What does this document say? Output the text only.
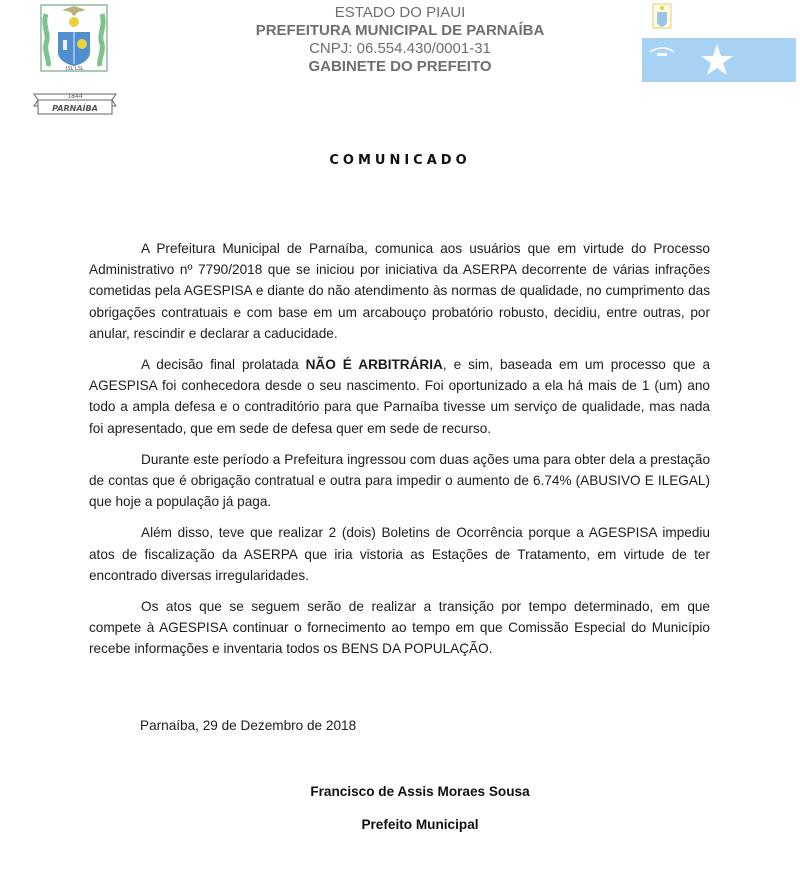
JSL LSL
1844
PARNAÍBA
ESTADO DO PIAUI
PREFEITURA MUNICIPAL DE PARNAÍBA
CNPJ: 06.554.430/0001-31
GABINETE DO PREFEITO
COMUNICADO

A Prefeitura Municipal de Parnaíba, comunica aos usuários que em virtude do Processo Administrativo nº 7790/2018 que se iniciou por iniciativa da ASERPA decorrente de várias infrações cometidas pela AGESPISA e diante do não atendimento às normas de qualidade, no cumprimento das obrigações contratuais e com base em um arcabouço probatório robusto, decidiu, entre outras, por anular, rescindir e declarar a caducidade.

A decisão final prolatada NÃO É ARBITRÁRIA, e sim, baseada em um processo que a AGESPISA foi conhecedora desde o seu nascimento. Foi oportunizado a ela há mais de 1 (um) ano todo a ampla defesa e o contraditório para que Parnaíba tivesse um serviço de qualidade, mas nada foi apresentado, que em sede de defesa quer em sede de recurso.

Durante este período a Prefeitura ingressou com duas ações uma para obter dela a prestação de contas que é obrigação contratual e outra para impedir o aumento de 6.74% (ABUSIVO E ILEGAL) que hoje a população já paga.

Além disso, teve que realizar 2 (dois) Boletins de Ocorrência porque a AGESPISA impediu atos de fiscalização da ASERPA que iria vistoria as Estações de Tratamento, em virtude de ter encontrado diversas irregularidades.

Os atos que se seguem serão de realizar a transição por tempo determinado, em que compete à AGESPISA continuar o fornecimento ao tempo em que Comissão Especial do Município recebe informações e inventaria todos os BENS DA POPULAÇÃO.

Parnaíba, 29 de Dezembro de 2018
Francisco de Assis Moraes Sousa
Prefeito Municipal
